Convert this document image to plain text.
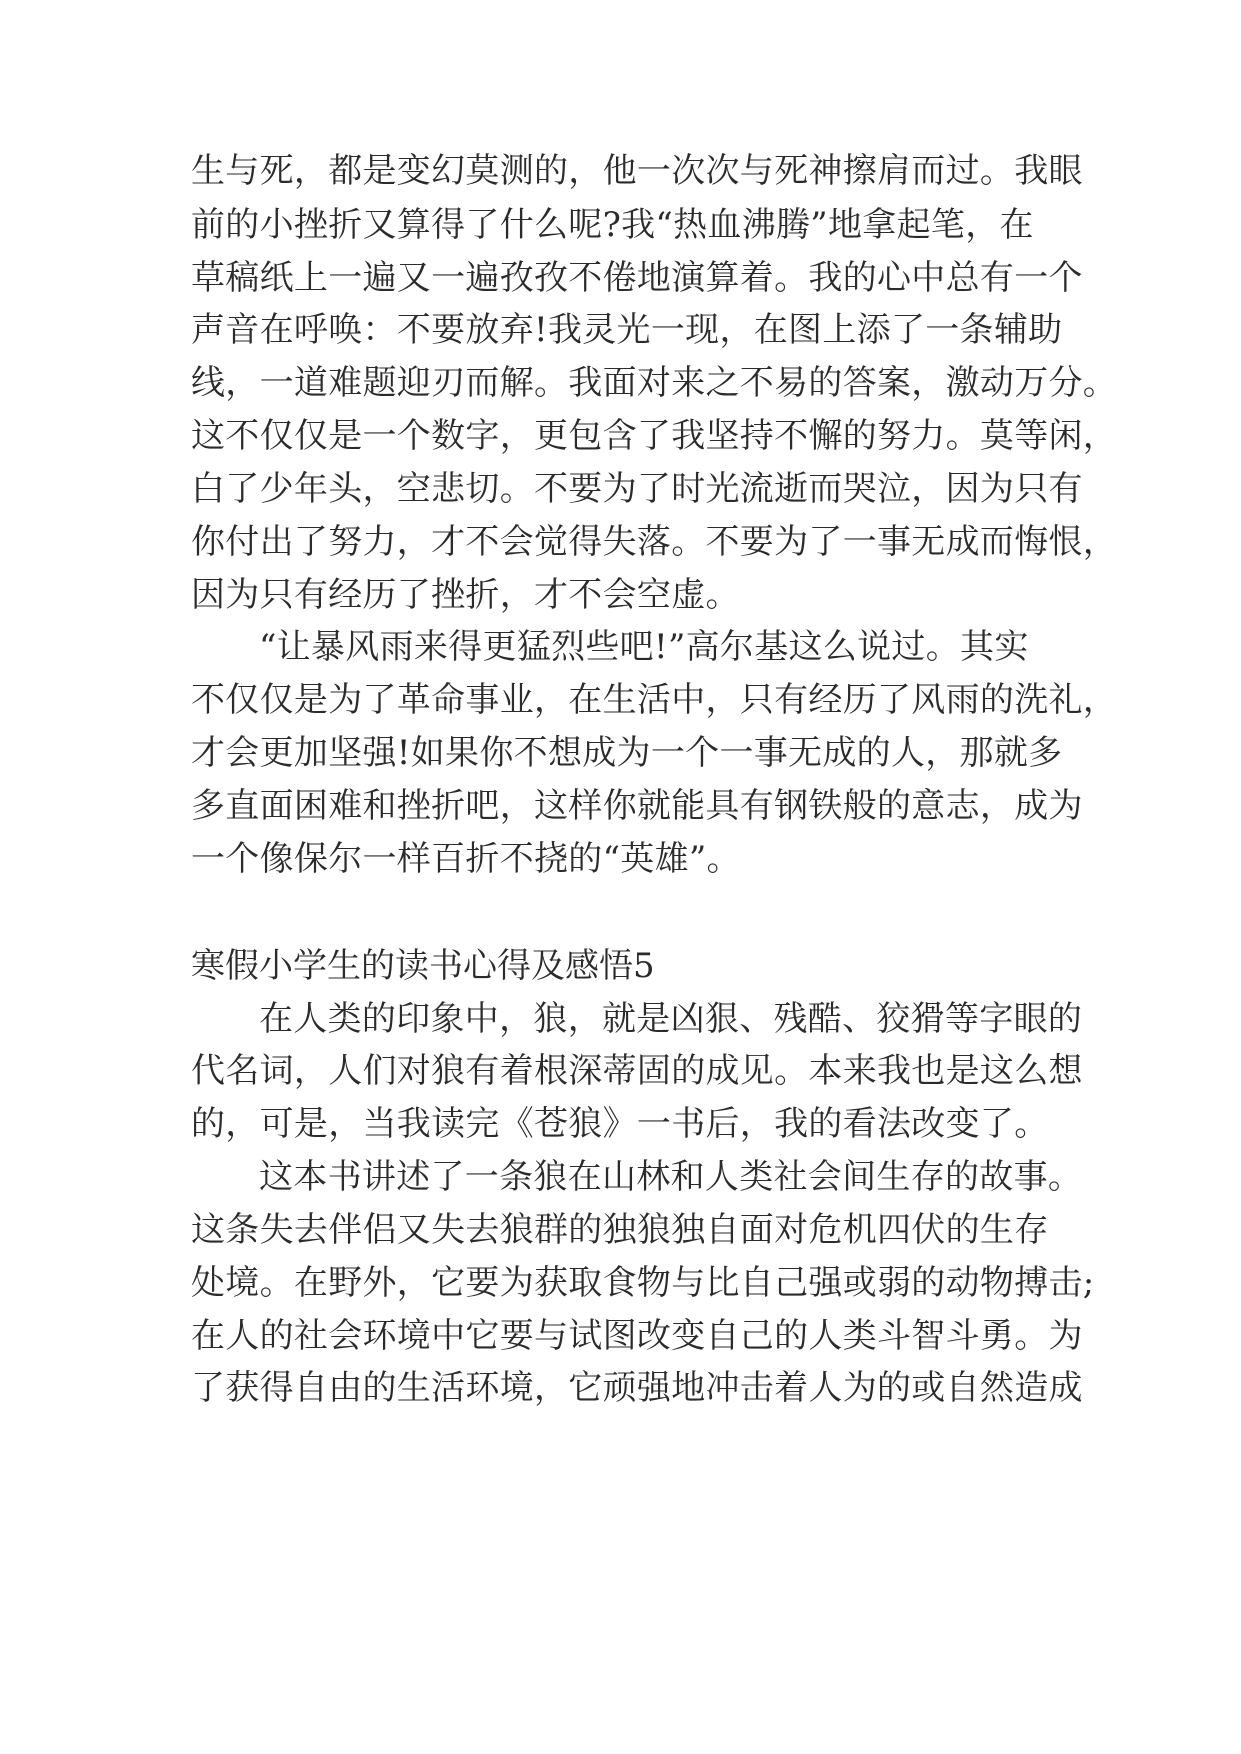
生与死，都是变幻莫测的，他一次次与死神擦肩而过。我眼
前的小挫折又算得了什么呢?我“热血沸腾”地拿起笔，在
草稿纸上一遍又一遍孜孜不倦地演算着。我的心中总有一个
声音在呼唤：不要放弃!我灵光一现，在图上添了一条辅助
线，一道难题迎刃而解。我面对来之不易的答案，激动万分。
这不仅仅是一个数字，更包含了我坚持不懈的努力。莫等闲，
白了少年头，空悲切。不要为了时光流逝而哭泣，因为只有
你付出了努力，才不会觉得失落。不要为了一事无成而悔恨，
因为只有经历了挫折，才不会空虚。
“让暴风雨来得更猛烈些吧!”高尔基这么说过。其实
不仅仅是为了革命事业，在生活中，只有经历了风雨的洗礼，
才会更加坚强!如果你不想成为一个一事无成的人，那就多
多直面困难和挫折吧，这样你就能具有钢铁般的意志，成为
一个像保尔一样百折不挠的“英雄”。
寒假小学生的读书心得及感悟5
在人类的印象中，狼，就是凶狠、残酷、狡猾等字眼的
代名词，人们对狼有着根深蒂固的成见。本来我也是这么想
的，可是，当我读完《苍狼》一书后，我的看法改变了。
这本书讲述了一条狼在山林和人类社会间生存的故事。
这条失去伴侣又失去狼群的独狼独自面对危机四伏的生存
处境。在野外，它要为获取食物与比自己强或弱的动物搏击;
在人的社会环境中它要与试图改变自己的人类斗智斗勇。为
了获得自由的生活环境，它顽强地冲击着人为的或自然造成
